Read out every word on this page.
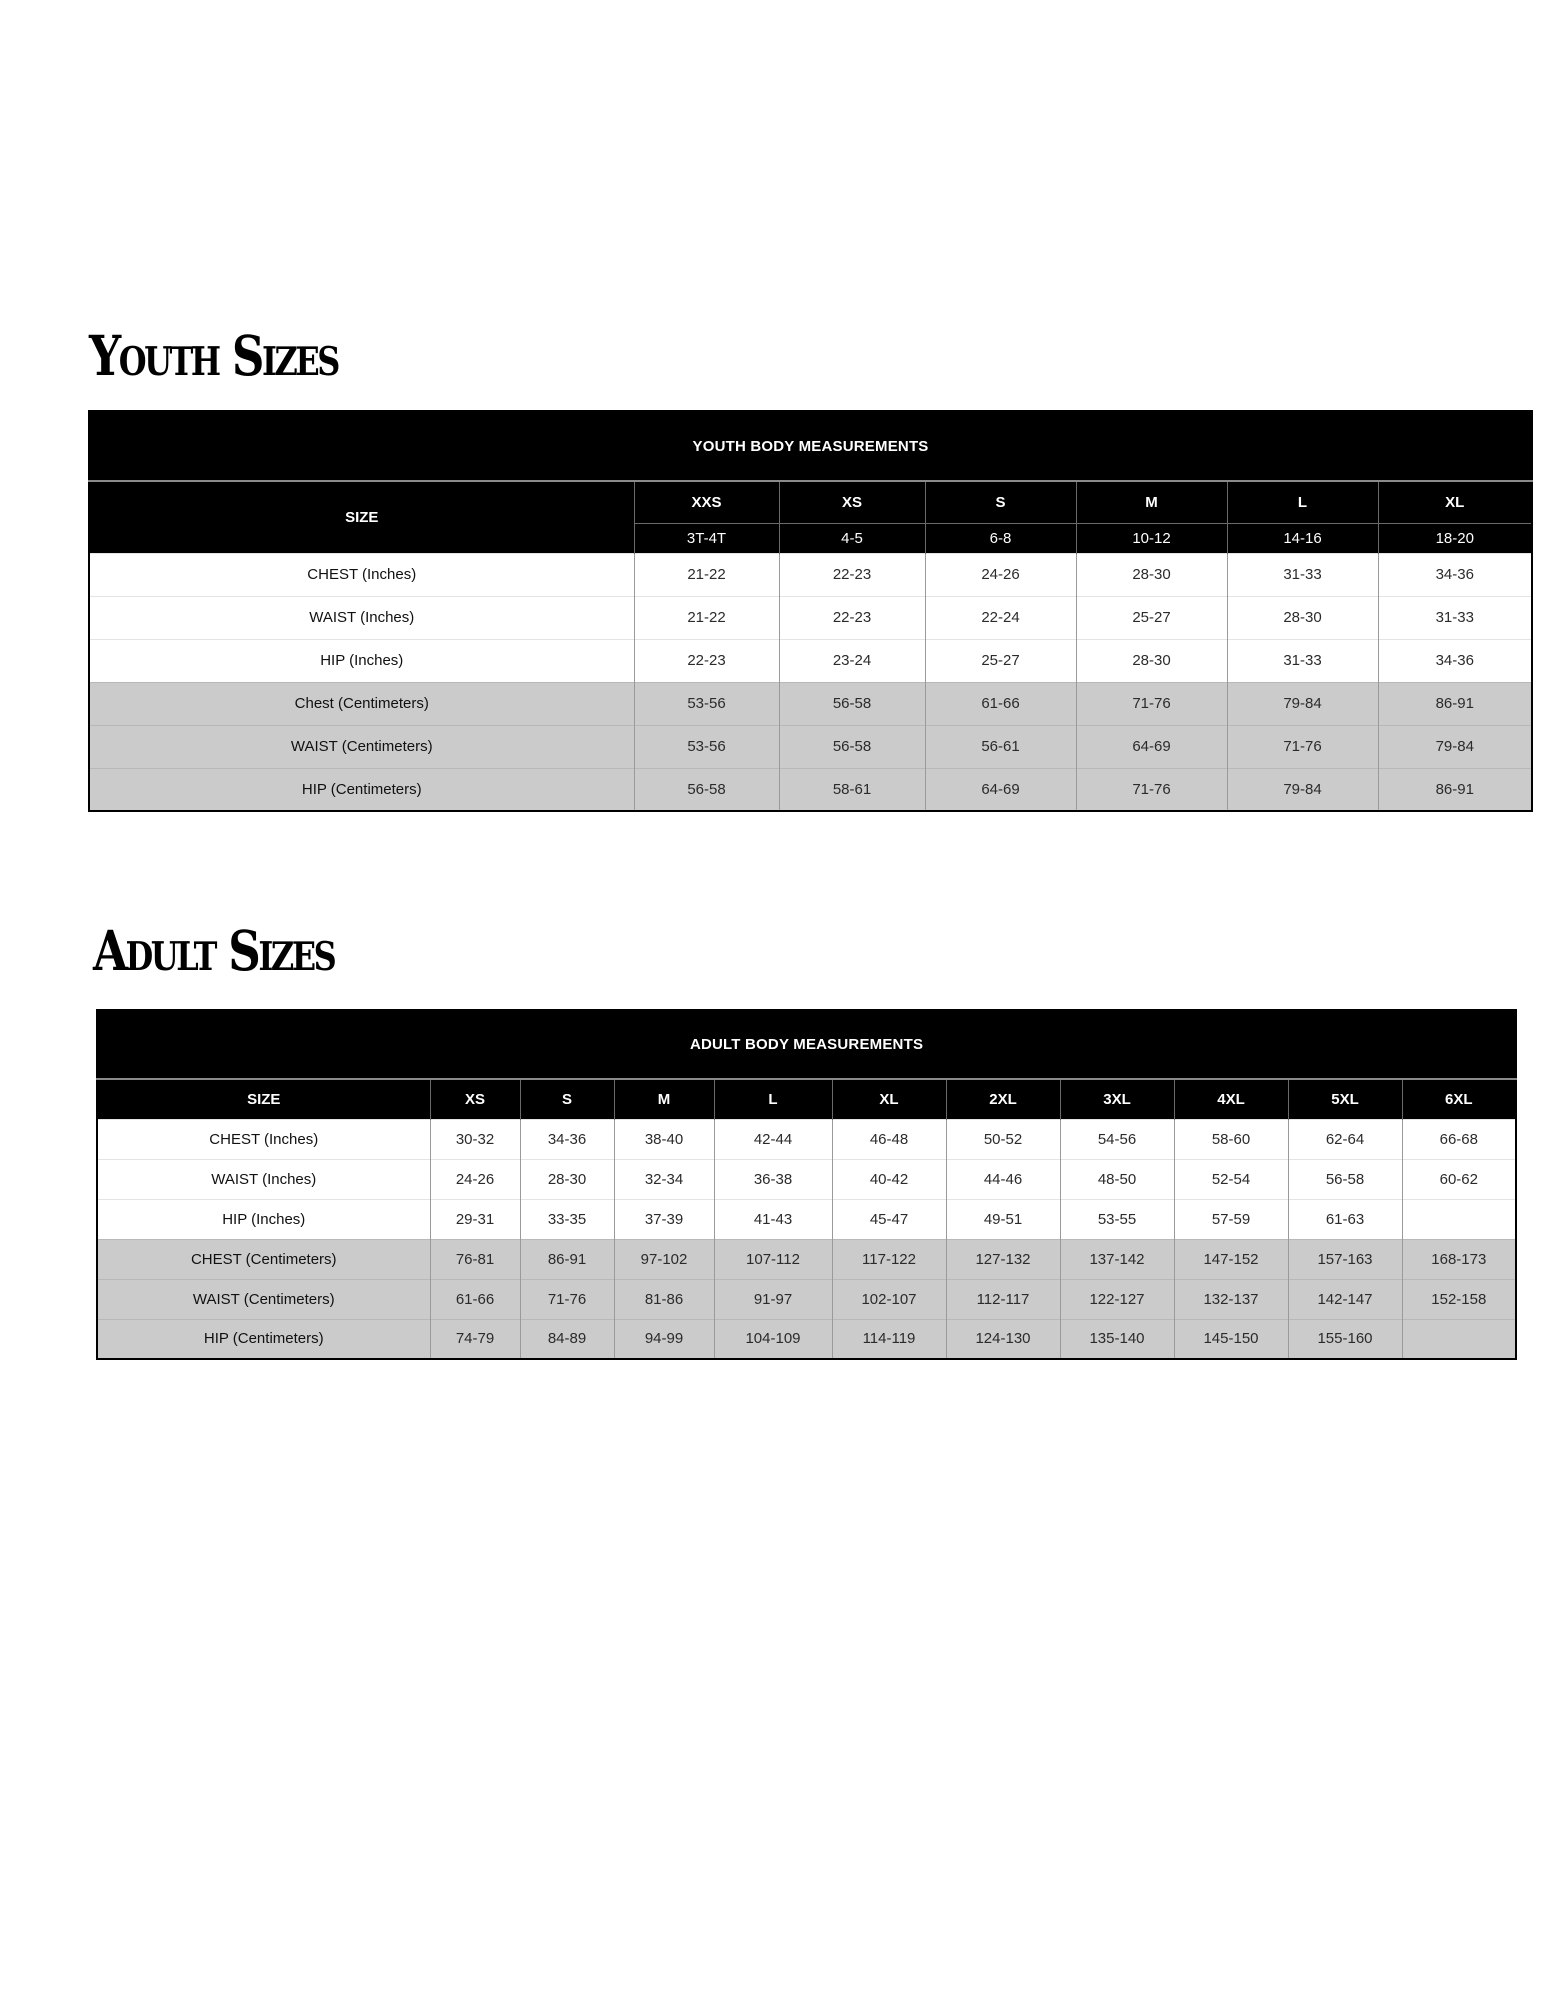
Youth Sizes
YOUTH BODY MEASUREMENTS						
SIZE	XXS	XS	S	M	L	XL
	3T-4T	4-5	6-8	10-12	14-16	18-20
CHEST (Inches)	21-22	22-23	24-26	28-30	31-33	34-36
WAIST (Inches)	21-22	22-23	22-24	25-27	28-30	31-33
HIP (Inches)	22-23	23-24	25-27	28-30	31-33	34-36
Chest (Centimeters)	53-56	56-58	61-66	71-76	79-84	86-91
WAIST (Centimeters)	53-56	56-58	56-61	64-69	71-76	79-84
HIP (Centimeters)	56-58	58-61	64-69	71-76	79-84	86-91
Adult Sizes
ADULT BODY MEASUREMENTS										
SIZE	XS	S	M	L	XL	2XL	3XL	4XL	5XL	6XL
CHEST (Inches)	30-32	34-36	38-40	42-44	46-48	50-52	54-56	58-60	62-64	66-68
WAIST (Inches)	24-26	28-30	32-34	36-38	40-42	44-46	48-50	52-54	56-58	60-62
HIP (Inches)	29-31	33-35	37-39	41-43	45-47	49-51	53-55	57-59	61-63	
CHEST (Centimeters)	76-81	86-91	97-102	107-112	117-122	127-132	137-142	147-152	157-163	168-173
WAIST (Centimeters)	61-66	71-76	81-86	91-97	102-107	112-117	122-127	132-137	142-147	152-158
HIP (Centimeters)	74-79	84-89	94-99	104-109	114-119	124-130	135-140	145-150	155-160	
